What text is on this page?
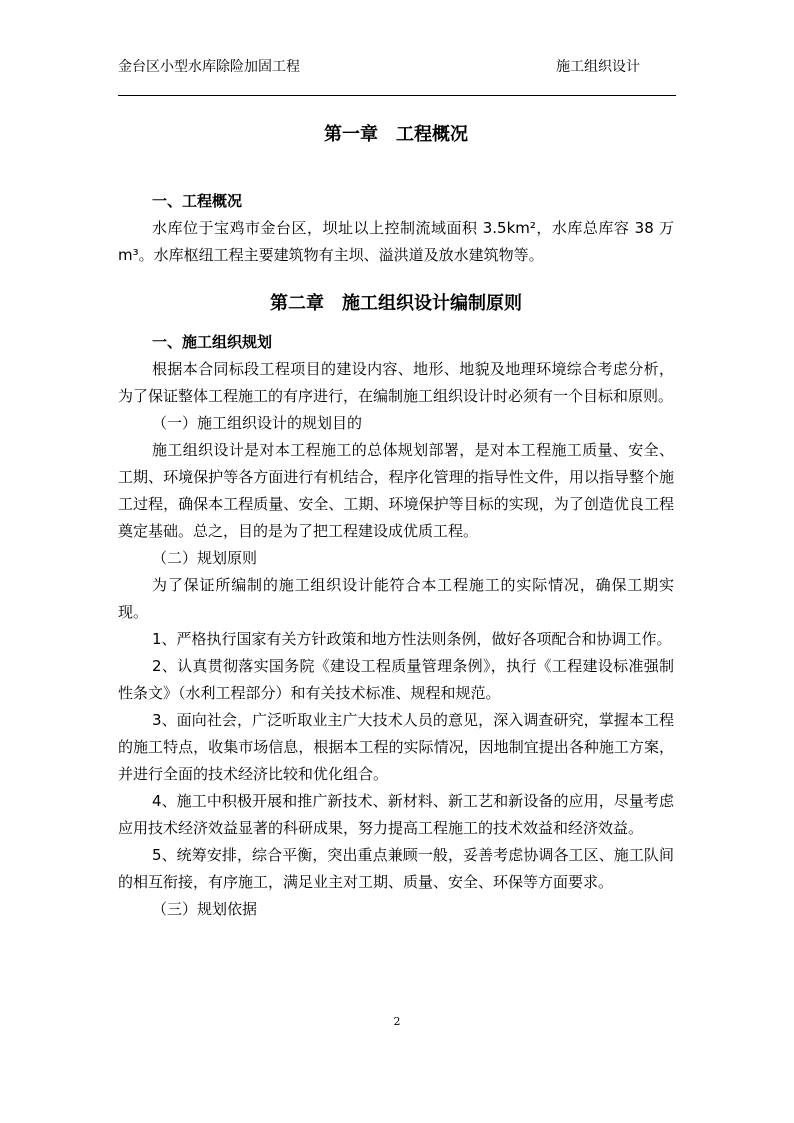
金台区小型水库除险加固工程	施工组织设计
第一章　工程概况
一、工程概况

水库位于宝鸡市金台区，坝址以上控制流域面积 3.5km²，水库总库容 38 万 m³。水库枢纽工程主要建筑物有主坝、溢洪道及放水建筑物等。

第二章　施工组织设计编制原则
一、施工组织规划

根据本合同标段工程项目的建设内容、地形、地貌及地理环境综合考虑分析，为了保证整体工程施工的有序进行，在编制施工组织设计时必须有一个目标和原则。

（一）施工组织设计的规划目的

施工组织设计是对本工程施工的总体规划部署，是对本工程施工质量、安全、工期、环境保护等各方面进行有机结合，程序化管理的指导性文件，用以指导整个施工过程，确保本工程质量、安全、工期、环境保护等目标的实现，为了创造优良工程奠定基础。总之，目的是为了把工程建设成优质工程。

（二）规划原则

为了保证所编制的施工组织设计能符合本工程施工的实际情况，确保工期实现。

1、严格执行国家有关方针政策和地方性法则条例，做好各项配合和协调工作。

2、认真贯彻落实国务院《建设工程质量管理条例》，执行《工程建设标准强制性条文》（水利工程部分）和有关技术标准、规程和规范。

3、面向社会，广泛听取业主广大技术人员的意见，深入调查研究，掌握本工程的施工特点，收集市场信息，根据本工程的实际情况，因地制宜提出各种施工方案，并进行全面的技术经济比较和优化组合。

4、施工中积极开展和推广新技术、新材料、新工艺和新设备的应用，尽量考虑应用技术经济效益显著的科研成果，努力提高工程施工的技术效益和经济效益。

5、统筹安排，综合平衡，突出重点兼顾一般，妥善考虑协调各工区、施工队间的相互衔接，有序施工，满足业主对工期、质量、安全、环保等方面要求。

（三）规划依据

2
